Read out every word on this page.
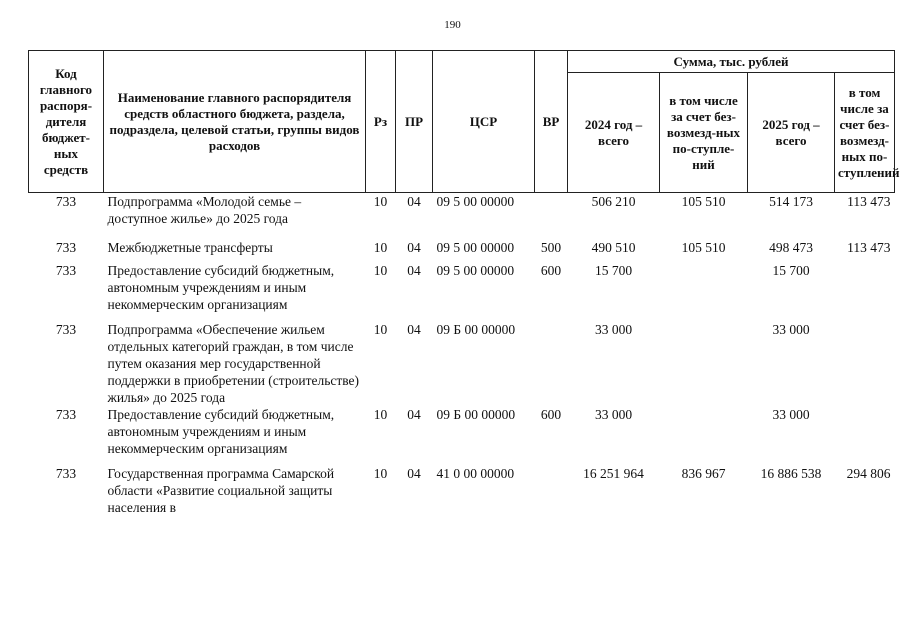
190
Код главного распоря-дителя бюджет-ных средств	Наименование главного распорядителя средств областного бюджета, раздела, подраздела, целевой статьи, группы видов расходов	Рз	ПР	ЦСР	ВР	Сумма, тыс. рублей			
						2024 год – всего	в том числе за счет без-возмезд-ных по-ступле-ний	2025 год – всего	в том числе за счет без-возмезд-ных по-ступлений
733	Подпрограмма «Молодой семье – доступное жилье» до 2025 года	10	04	09 5 00 00000		506 210	105 510	514 173	113 473
733	Межбюджетные трансферты	10	04	09 5 00 00000	500	490 510	105 510	498 473	113 473
733	Предоставление субсидий бюджетным, автономным учреждениям и иным некоммерческим организациям	10	04	09 5 00 00000	600	15 700		15 700	
733	Подпрограмма «Обеспечение жильем отдельных категорий граждан, в том числе путем оказания мер государственной поддержки в приобретении (строительстве) жилья» до 2025 года	10	04	09 Б 00 00000		33 000		33 000	
733	Предоставление субсидий бюджетным, автономным учреждениям и иным некоммерческим организациям	10	04	09 Б 00 00000	600	33 000		33 000	
733	Государственная программа Самарской области «Развитие социальной защиты населения в	10	04	41 0 00 00000		16 251 964	836 967	16 886 538	294 806
